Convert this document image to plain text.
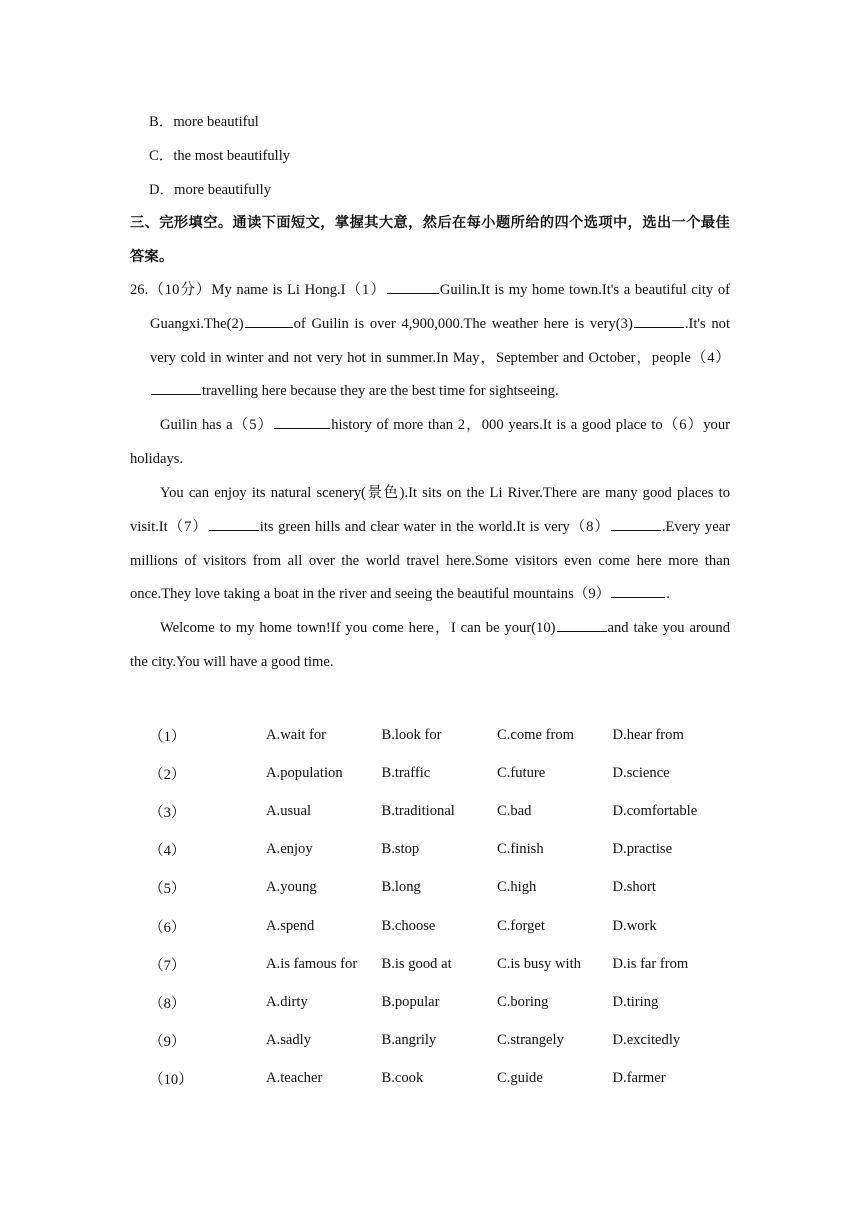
B．more beautiful
C．the most beautifully
D．more beautifully
三、完形填空。通读下面短文，掌握其大意，然后在每小题所给的四个选项中，选出一个最佳答案。
26.（10分）My name is Li Hong.I（1）	Guilin.It is my home town.It's a beautiful city of Guangxi.The(2)	of Guilin is over 4,900,000.The weather here is very(3)	.It's not very cold in winter and not very hot in summer.In May，September and October，people（4）travelling here because they are the best time for sightseeing.
Guilin has a（5）	history of more than 2，000 years.It is a good place to（6）your holidays.
You can enjoy its natural scenery(景色).It sits on the Li River.There are many good places to visit.It（7）	its green hills and clear water in the world.It is very（8）	.Every year millions of visitors from all over the world travel here.Some visitors even come here more than once.They love taking a boat in the river and seeing the beautiful mountains（9）	.
Welcome to my home town!If you come here，I can be your(10)	and take you around the city.You will have a good time.
（1）	A.wait for	B.look for	C.come from	D.hear from
（2）	A.population	B.traffic	C.future	D.science
（3）	A.usual	B.traditional	C.bad	D.comfortable
（4）	A.enjoy	B.stop	C.finish	D.practise
（5）	A.young	B.long	C.high	D.short
（6）	A.spend	B.choose	C.forget	D.work
（7）	A.is famous for	B.is good at	C.is busy with	D.is far from
（8）	A.dirty	B.popular	C.boring	D.tiring
（9）	A.sadly	B.angrily	C.strangely	D.excitedly
（10）	A.teacher	B.cook	C.guide	D.farmer
